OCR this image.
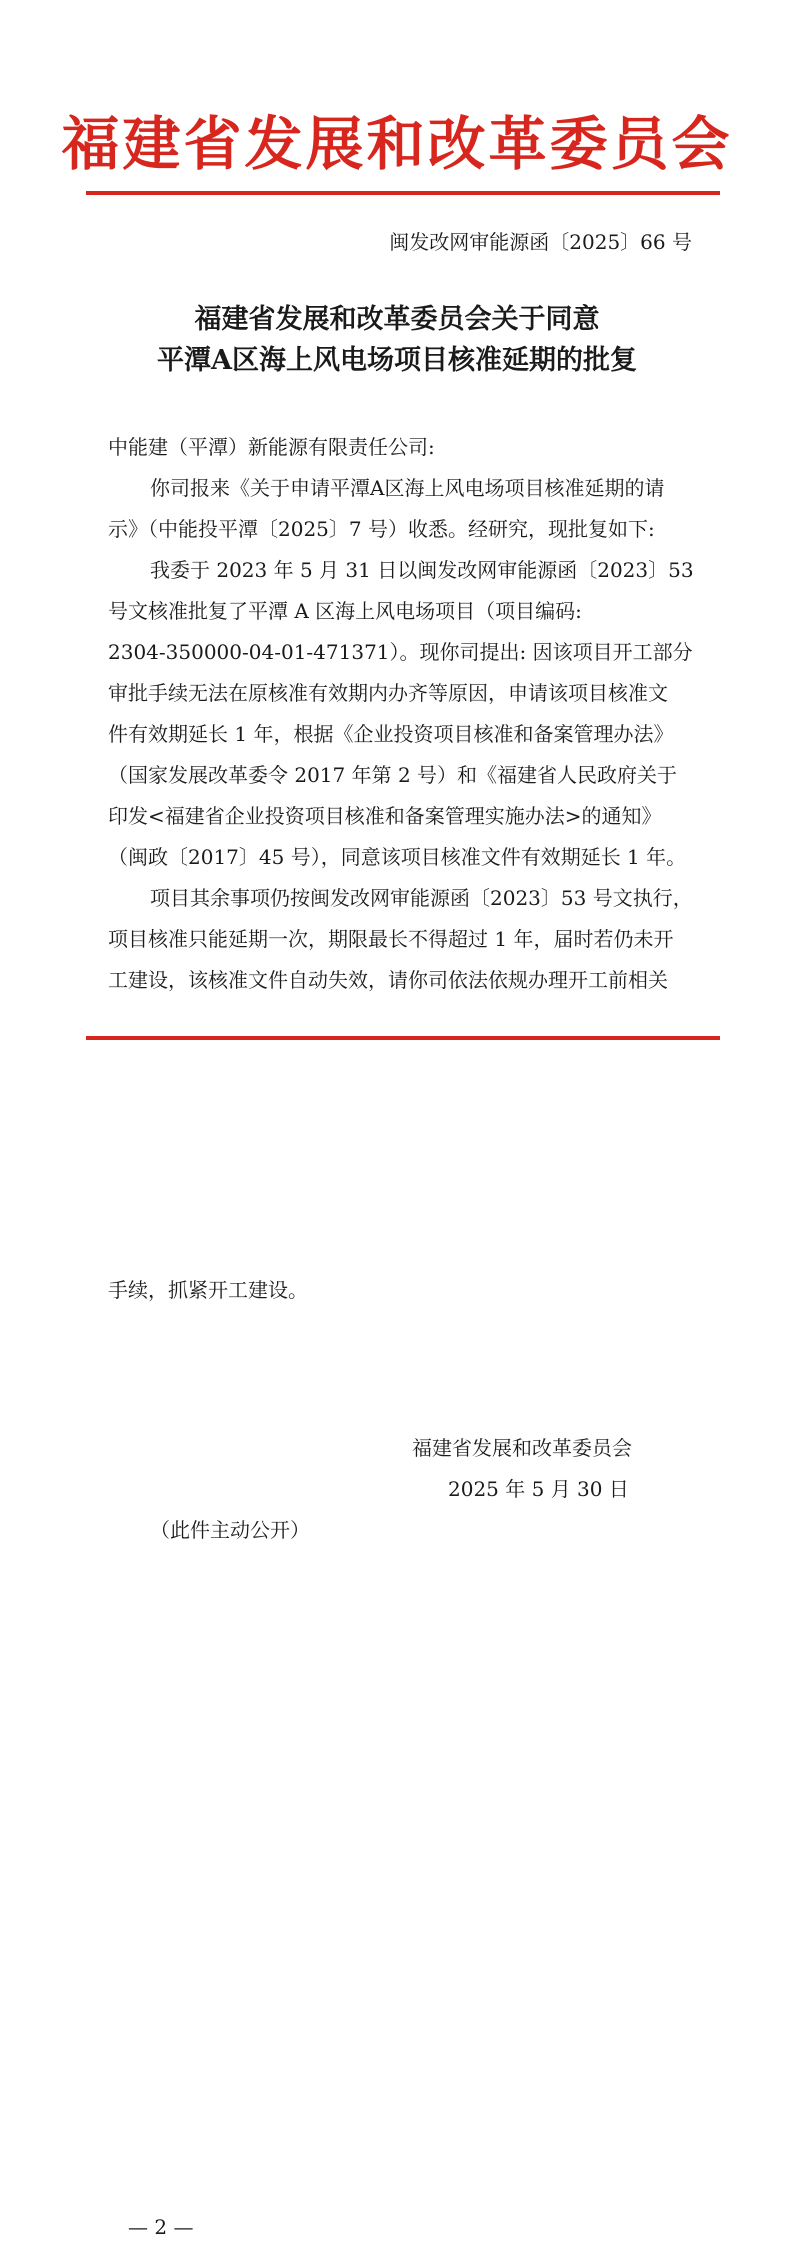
福建省发展和改革委员会
闽发改网审能源函〔2025〕66 号
福建省发展和改革委员会关于同意
平潭A区海上风电场项目核准延期的批复
中能建（平潭）新能源有限责任公司:
你司报来《关于申请平潭A区海上风电场项目核准延期的请
示》（中能投平潭〔2025〕7 号）收悉。经研究，现批复如下:
我委于 2023 年 5 月 31 日以闽发改网审能源函〔2023〕53
号文核准批复了平潭 A 区海上风电场项目（项目编码:
2304-350000-04-01-471371）。现你司提出: 因该项目开工部分
审批手续无法在原核准有效期内办齐等原因，申请该项目核准文
件有效期延长 1 年，根据《企业投资项目核准和备案管理办法》
（国家发展改革委令 2017 年第 2 号）和《福建省人民政府关于
印发<福建省企业投资项目核准和备案管理实施办法>的通知》
（闽政〔2017〕45 号），同意该项目核准文件有效期延长 1 年。
项目其余事项仍按闽发改网审能源函〔2023〕53 号文执行，
项目核准只能延期一次，期限最长不得超过 1 年，届时若仍未开
工建设，该核准文件自动失效，请你司依法依规办理开工前相关
手续，抓紧开工建设。
福建省发展和改革委员会
2025 年 5 月 30 日
（此件主动公开）
— 2 —
